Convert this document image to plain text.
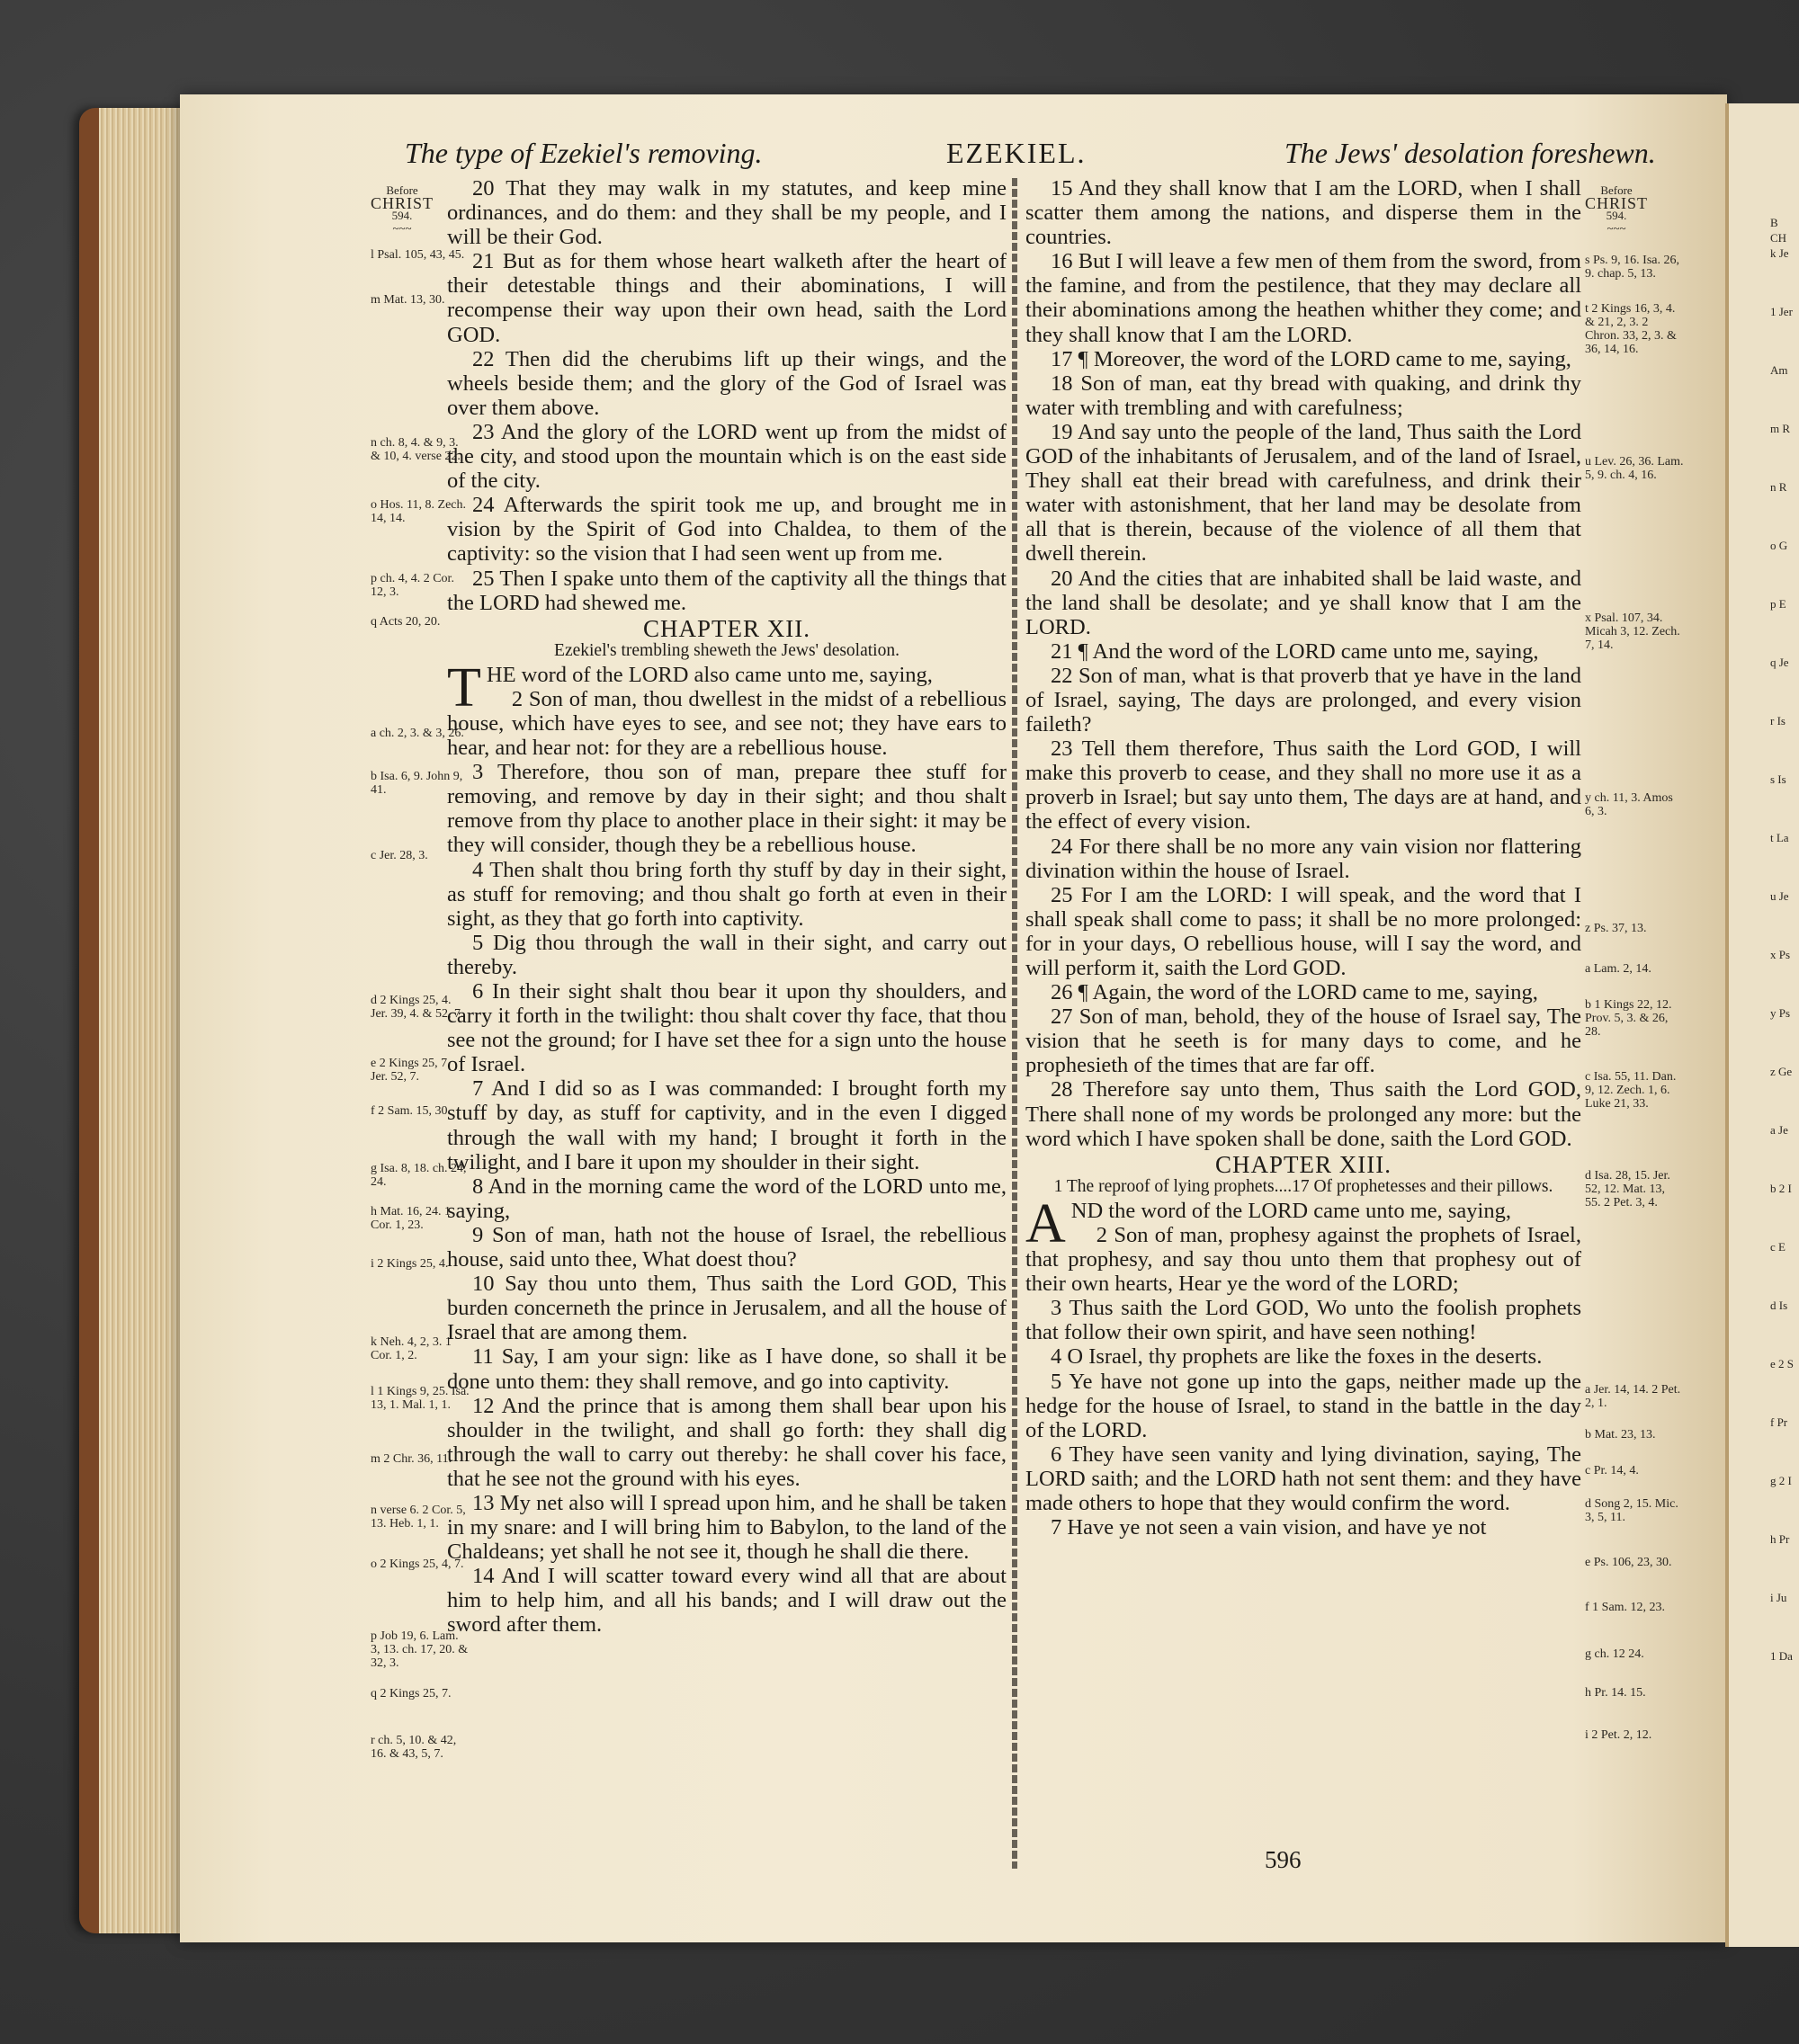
The type of Ezekiel's removing.	EZEKIEL.	The Jews' desolation foreshewn.
Before
CHRIST
594.
~~~
Before
CHRIST
594.
~~~
l Psal. 105, 43, 45.
m Mat. 13, 30.
n ch. 8, 4. & 9, 3. & 10, 4. verse 22.
o Hos. 11, 8. Zech. 14, 14.
p ch. 4, 4. 2 Cor. 12, 3.
q Acts 20, 20.
a ch. 2, 3. & 3, 26.
b Isa. 6, 9. John 9, 41.
c Jer. 28, 3.
d 2 Kings 25, 4. Jer. 39, 4. & 52, 7.
e 2 Kings 25, 7. Jer. 52, 7.
f 2 Sam. 15, 30.
g Isa. 8, 18. ch. 24, 24.
h Mat. 16, 24. 1 Cor. 1, 23.
i 2 Kings 25, 4.
k Neh. 4, 2, 3. 1 Cor. 1, 2.
l 1 Kings 9, 25. Isa. 13, 1. Mal. 1, 1.
m 2 Chr. 36, 11.
n verse 6. 2 Cor. 5, 13. Heb. 1, 1.
o 2 Kings 25, 4, 7.
p Job 19, 6. Lam. 3, 13. ch. 17, 20. & 32, 3.
q 2 Kings 25, 7.
r ch. 5, 10. & 42, 16. & 43, 5, 7.
s Ps. 9, 16. Isa. 26, 9. chap. 5, 13.
t 2 Kings 16, 3, 4. & 21, 2, 3. 2 Chron. 33, 2, 3. & 36, 14, 16.
u Lev. 26, 36. Lam. 5, 9. ch. 4, 16.
x Psal. 107, 34. Micah 3, 12. Zech. 7, 14.
y ch. 11, 3. Amos 6, 3.
z Ps. 37, 13.
a Lam. 2, 14.
b 1 Kings 22, 12. Prov. 5, 3. & 26, 28.
c Isa. 55, 11. Dan. 9, 12. Zech. 1, 6. Luke 21, 33.
d Isa. 28, 15. Jer. 52, 12. Mat. 13, 55. 2 Pet. 3, 4.
a Jer. 14, 14. 2 Pet. 2, 1.
b Mat. 23, 13.
c Pr. 14, 4.
d Song 2, 15. Mic. 3, 5, 11.
e Ps. 106, 23, 30.
f 1 Sam. 12, 23.
g ch. 12 24.
h Pr. 14. 15.
i 2 Pet. 2, 12.

20 That they may walk in my statutes, and keep mine ordinances, and do them: and they shall be my people, and I will be their God.

21 But as for them whose heart walketh after the heart of their detestable things and their abominations, I will recompense their way upon their own head, saith the Lord GOD.

22 Then did the cherubims lift up their wings, and the wheels beside them; and the glory of the God of Israel was over them above.

23 And the glory of the LORD went up from the midst of the city, and stood upon the mountain which is on the east side of the city.

24 Afterwards the spirit took me up, and brought me in vision by the Spirit of God into Chaldea, to them of the captivity: so the vision that I had seen went up from me.

25 Then I spake unto them of the captivity all the things that the LORD had shewed me.

CHAPTER XII.
Ezekiel's trembling sheweth the Jews' desolation.
T HE word of the LORD also came unto me, saying,

2 Son of man, thou dwellest in the midst of a rebellious house, which have eyes to see, and see not; they have ears to hear, and hear not: for they are a rebellious house.

3 Therefore, thou son of man, prepare thee stuff for removing, and remove by day in their sight; and thou shalt remove from thy place to another place in their sight: it may be they will consider, though they be a rebellious house.

4 Then shalt thou bring forth thy stuff by day in their sight, as stuff for removing; and thou shalt go forth at even in their sight, as they that go forth into captivity.

5 Dig thou through the wall in their sight, and carry out thereby.

6 In their sight shalt thou bear it upon thy shoulders, and carry it forth in the twilight: thou shalt cover thy face, that thou see not the ground; for I have set thee for a sign unto the house of Israel.

7 And I did so as I was commanded: I brought forth my stuff by day, as stuff for captivity, and in the even I digged through the wall with my hand; I brought it forth in the twilight, and I bare it upon my shoulder in their sight.

8 And in the morning came the word of the LORD unto me, saying,

9 Son of man, hath not the house of Israel, the rebellious house, said unto thee, What doest thou?

10 Say thou unto them, Thus saith the Lord GOD, This burden concerneth the prince in Jerusalem, and all the house of Israel that are among them.

11 Say, I am your sign: like as I have done, so shall it be done unto them: they shall remove, and go into captivity.

12 And the prince that is among them shall bear upon his shoulder in the twilight, and shall go forth: they shall dig through the wall to carry out thereby: he shall cover his face, that he see not the ground with his eyes.

13 My net also will I spread upon him, and he shall be taken in my snare: and I will bring him to Babylon, to the land of the Chaldeans; yet shall he not see it, though he shall die there.

14 And I will scatter toward every wind all that are about him to help him, and all his bands; and I will draw out the sword after them.

15 And they shall know that I am the LORD, when I shall scatter them among the nations, and disperse them in the countries.

16 But I will leave a few men of them from the sword, from the famine, and from the pestilence, that they may declare all their abominations among the heathen whither they come; and they shall know that I am the LORD.

17 ¶ Moreover, the word of the LORD came to me, saying,

18 Son of man, eat thy bread with quaking, and drink thy water with trembling and with carefulness;

19 And say unto the people of the land, Thus saith the Lord GOD of the inhabitants of Jerusalem, and of the land of Israel, They shall eat their bread with carefulness, and drink their water with astonishment, that her land may be desolate from all that is therein, because of the violence of all them that dwell therein.

20 And the cities that are inhabited shall be laid waste, and the land shall be desolate; and ye shall know that I am the LORD.

21 ¶ And the word of the LORD came unto me, saying,

22 Son of man, what is that proverb that ye have in the land of Israel, saying, The days are prolonged, and every vision faileth?

23 Tell them therefore, Thus saith the Lord GOD, I will make this proverb to cease, and they shall no more use it as a proverb in Israel; but say unto them, The days are at hand, and the effect of every vision.

24 For there shall be no more any vain vision nor flattering divination within the house of Israel.

25 For I am the LORD: I will speak, and the word that I shall speak shall come to pass; it shall be no more prolonged: for in your days, O rebellious house, will I say the word, and will perform it, saith the Lord GOD.

26 ¶ Again, the word of the LORD came to me, saying,

27 Son of man, behold, they of the house of Israel say, The vision that he seeth is for many days to come, and he prophesieth of the times that are far off.

28 Therefore say unto them, Thus saith the Lord GOD, There shall none of my words be prolonged any more: but the word which I have spoken shall be done, saith the Lord GOD.

CHAPTER XIII.
1 The reproof of lying prophets....17 Of prophetesses and their pillows.
A ND the word of the LORD came unto me, saying,

2 Son of man, prophesy against the prophets of Israel, that prophesy, and say thou unto them that prophesy out of their own hearts, Hear ye the word of the LORD;

3 Thus saith the Lord GOD, Wo unto the foolish prophets that follow their own spirit, and have seen nothing!

4 O Israel, thy prophets are like the foxes in the deserts.

5 Ye have not gone up into the gaps, neither made up the hedge for the house of Israel, to stand in the battle in the day of the LORD.

6 They have seen vanity and lying divination, saying, The LORD saith; and the LORD hath not sent them: and they have made others to hope that they would confirm the word.

7 Have ye not seen a vain vision, and have ye not

596
B
CH
k Je
1 Jer
Am
m R
n R
o G
p E
q Je
r Is
s Is
t La
u Je
x Ps
y Ps
z Ge
a Je
b 2 I
c E
d Is
e 2 S
f Pr
g 2 I
h Pr
i Ju
1 Da
